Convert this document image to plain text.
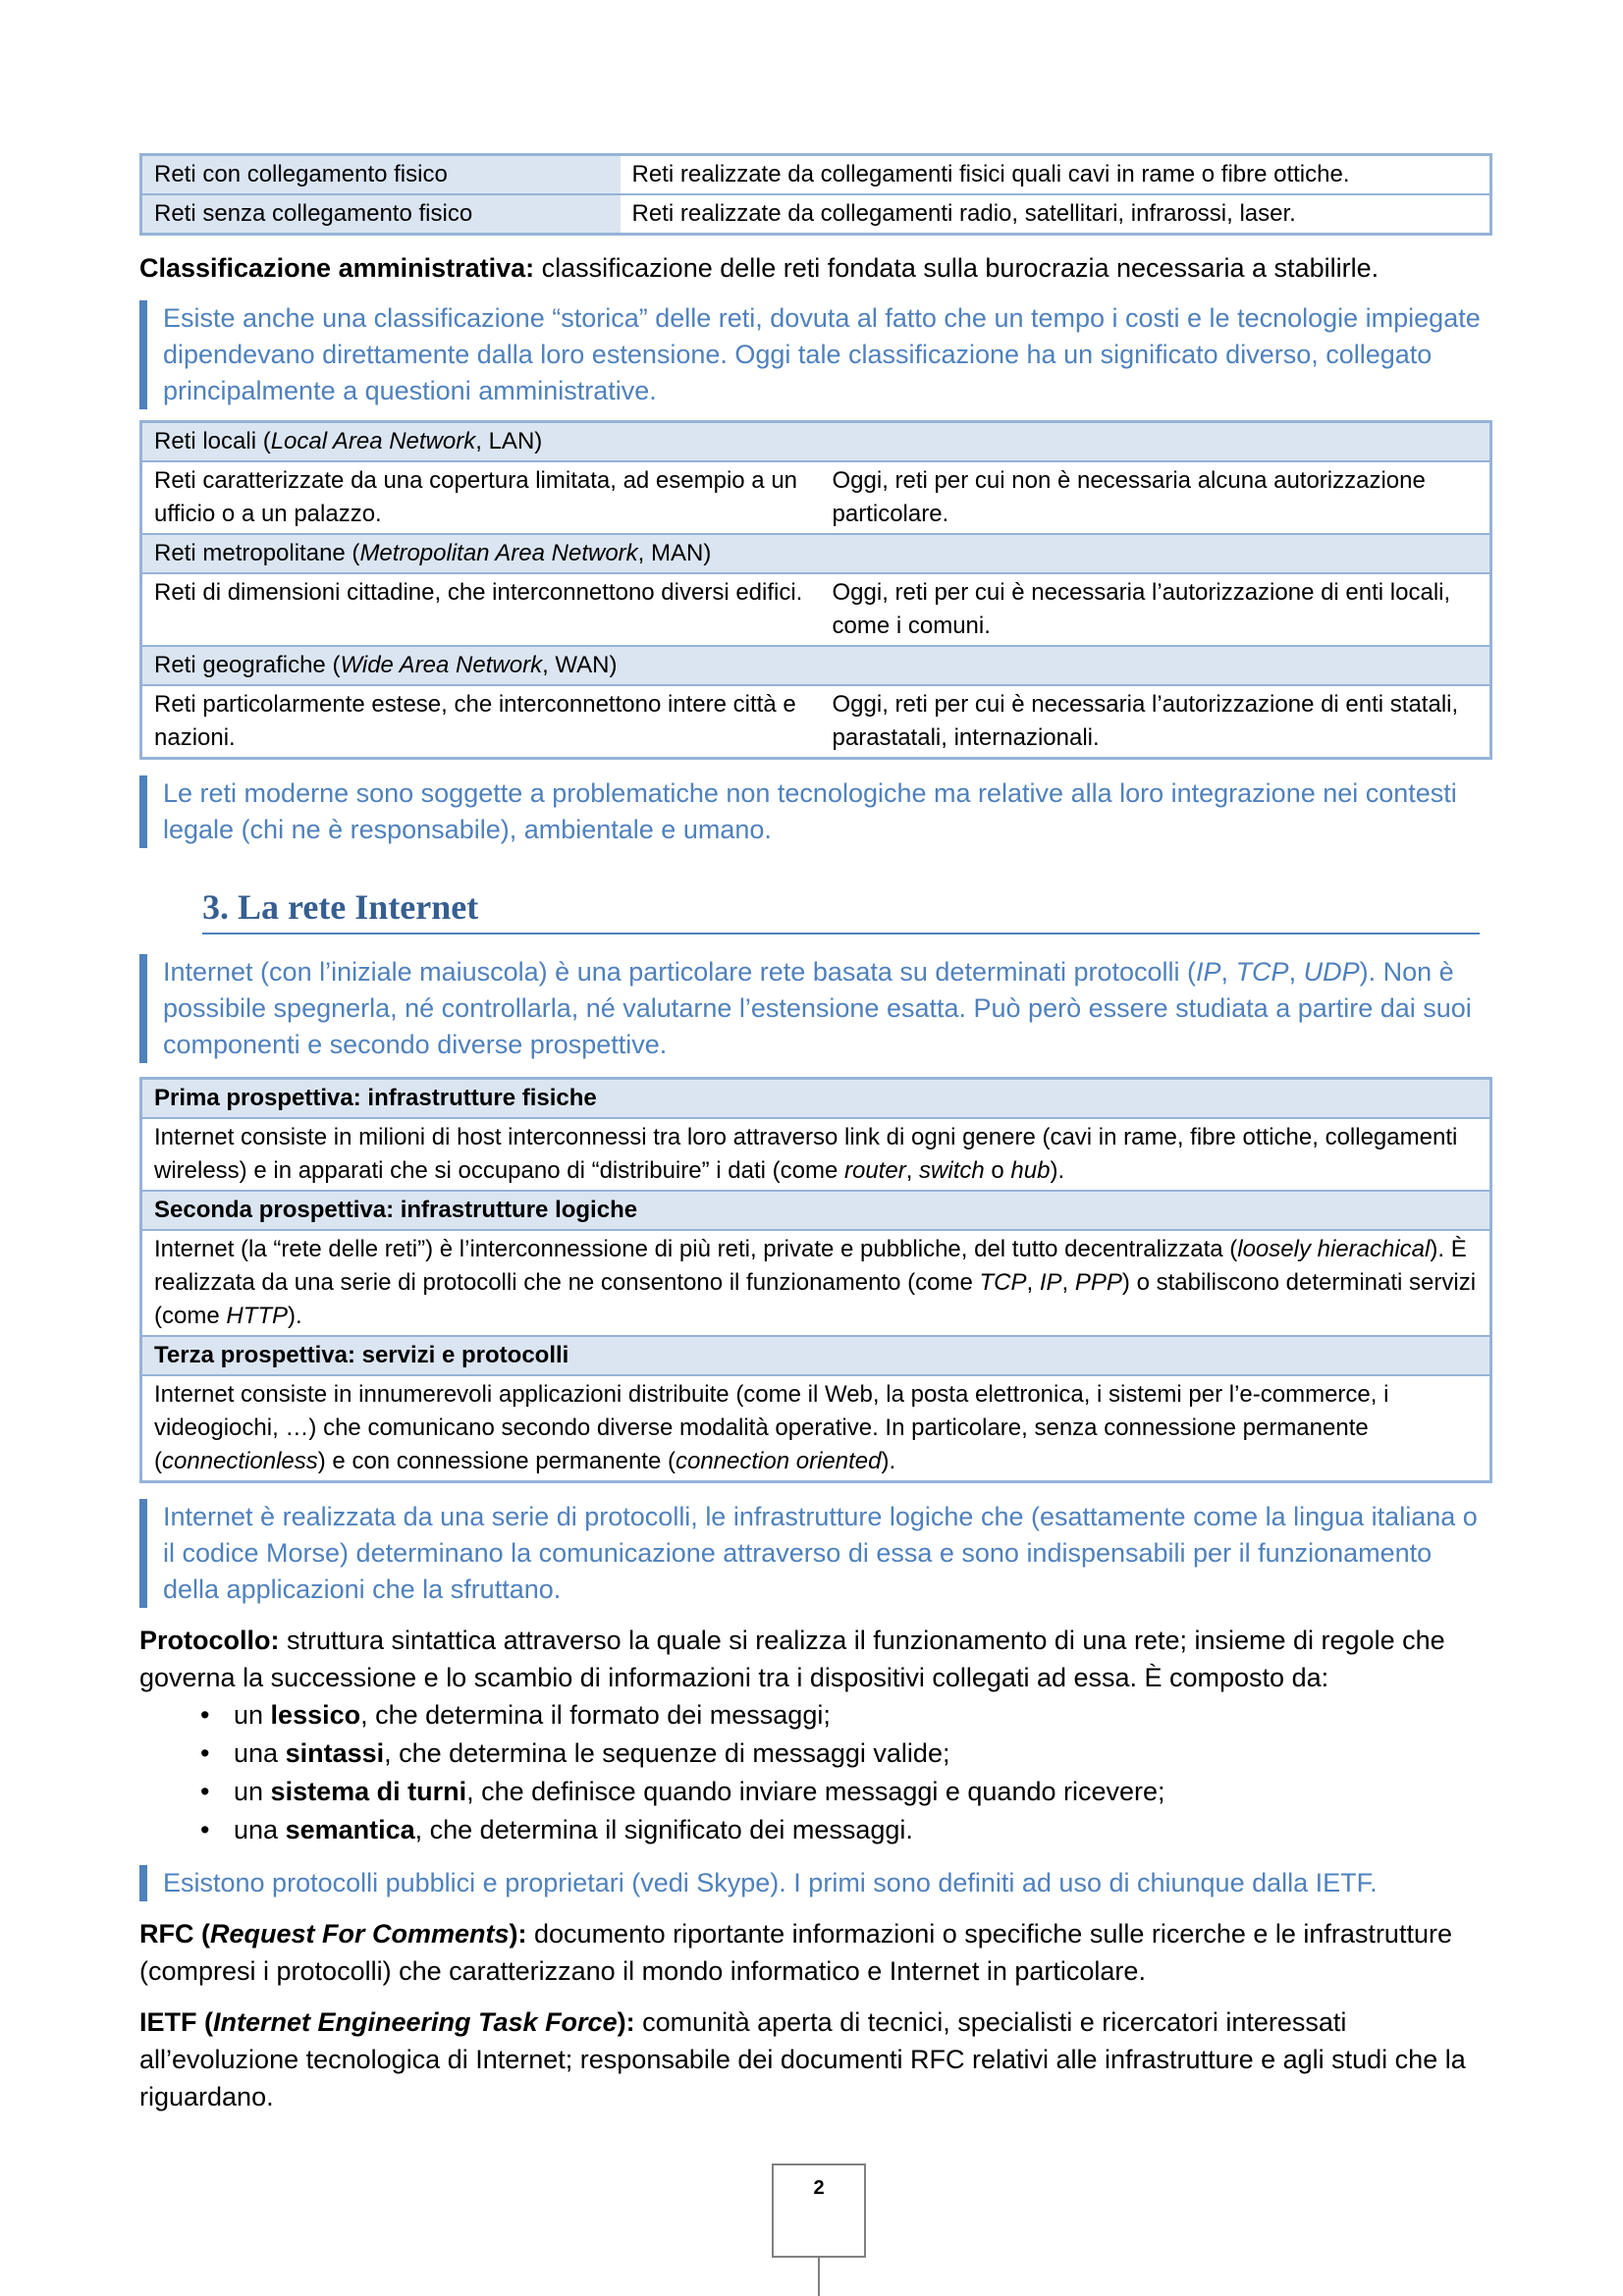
Reti con collegamento fisico	Reti realizzate da collegamenti fisici quali cavi in rame o fibre ottiche.
Reti senza collegamento fisico	Reti realizzate da collegamenti radio, satellitari, infrarossi, laser.

Classificazione amministrativa: classificazione delle reti fondata sulla burocrazia necessaria a stabilirle.

Esiste anche una classificazione “storica” delle reti, dovuta al fatto che un tempo i costi e le tecnologie impiegate dipendevano direttamente dalla loro estensione. Oggi tale classificazione ha un significato diverso, collegato principalmente a questioni amministrative.
Reti locali (Local Area Network, LAN)	
Reti caratterizzate da una copertura limitata, ad esempio a un ufficio o a un palazzo.	Oggi, reti per cui non è necessaria alcuna autorizzazione particolare.
Reti metropolitane (Metropolitan Area Network, MAN)	
Reti di dimensioni cittadine, che interconnettono diversi edifici.	Oggi, reti per cui è necessaria l’autorizzazione di enti locali, come i comuni.
Reti geografiche (Wide Area Network, WAN)	
Reti particolarmente estese, che interconnettono intere città e nazioni.	Oggi, reti per cui è necessaria l’autorizzazione di enti statali, parastatali, internazionali.
Le reti moderne sono soggette a problematiche non tecnologiche ma relative alla loro integrazione nei contesti legale (chi ne è responsabile), ambientale e umano.
3. La rete Internet
Internet (con l’iniziale maiuscola) è una particolare rete basata su determinati protocolli (IP, TCP, UDP). Non è possibile spegnerla, né controllarla, né valutarne l’estensione esatta. Può però essere studiata a partire dai suoi componenti e secondo diverse prospettive.
Prima prospettiva: infrastrutture fisiche
Internet consiste in milioni di host interconnessi tra loro attraverso link di ogni genere (cavi in rame, fibre ottiche, collegamenti wireless) e in apparati che si occupano di “distribuire” i dati (come router, switch o hub).
Seconda prospettiva: infrastrutture logiche
Internet (la “rete delle reti”) è l’interconnessione di più reti, private e pubbliche, del tutto decentralizzata (loosely hierachical). È realizzata da una serie di protocolli che ne consentono il funzionamento (come TCP, IP, PPP) o stabiliscono determinati servizi (come HTTP).
Terza prospettiva: servizi e protocolli
Internet consiste in innumerevoli applicazioni distribuite (come il Web, la posta elettronica, i sistemi per l’e-commerce, i videogiochi, …) che comunicano secondo diverse modalità operative. In particolare, senza connessione permanente (connectionless) e con connessione permanente (connection oriented).
Internet è realizzata da una serie di protocolli, le infrastrutture logiche che (esattamente come la lingua italiana o il codice Morse) determinano la comunicazione attraverso di essa e sono indispensabili per il funzionamento della applicazioni che la sfruttano.

Protocollo: struttura sintattica attraverso la quale si realizza il funzionamento di una rete; insieme di regole che governa la successione e lo scambio di informazioni tra i dispositivi collegati ad essa. È composto da:

• un lessico, che determina il formato dei messaggi;
• una sintassi, che determina le sequenze di messaggi valide;
• un sistema di turni, che definisce quando inviare messaggi e quando ricevere;
• una semantica, che determina il significato dei messaggi.
Esistono protocolli pubblici e proprietari (vedi Skype). I primi sono definiti ad uso di chiunque dalla IETF.

RFC (Request For Comments): documento riportante informazioni o specifiche sulle ricerche e le infrastrutture (compresi i protocolli) che caratterizzano il mondo informatico e Internet in particolare.

IETF (Internet Engineering Task Force): comunità aperta di tecnici, specialisti e ricercatori interessati all’evoluzione tecnologica di Internet; responsabile dei documenti RFC relativi alle infrastrutture e agli studi che la riguardano.

2
